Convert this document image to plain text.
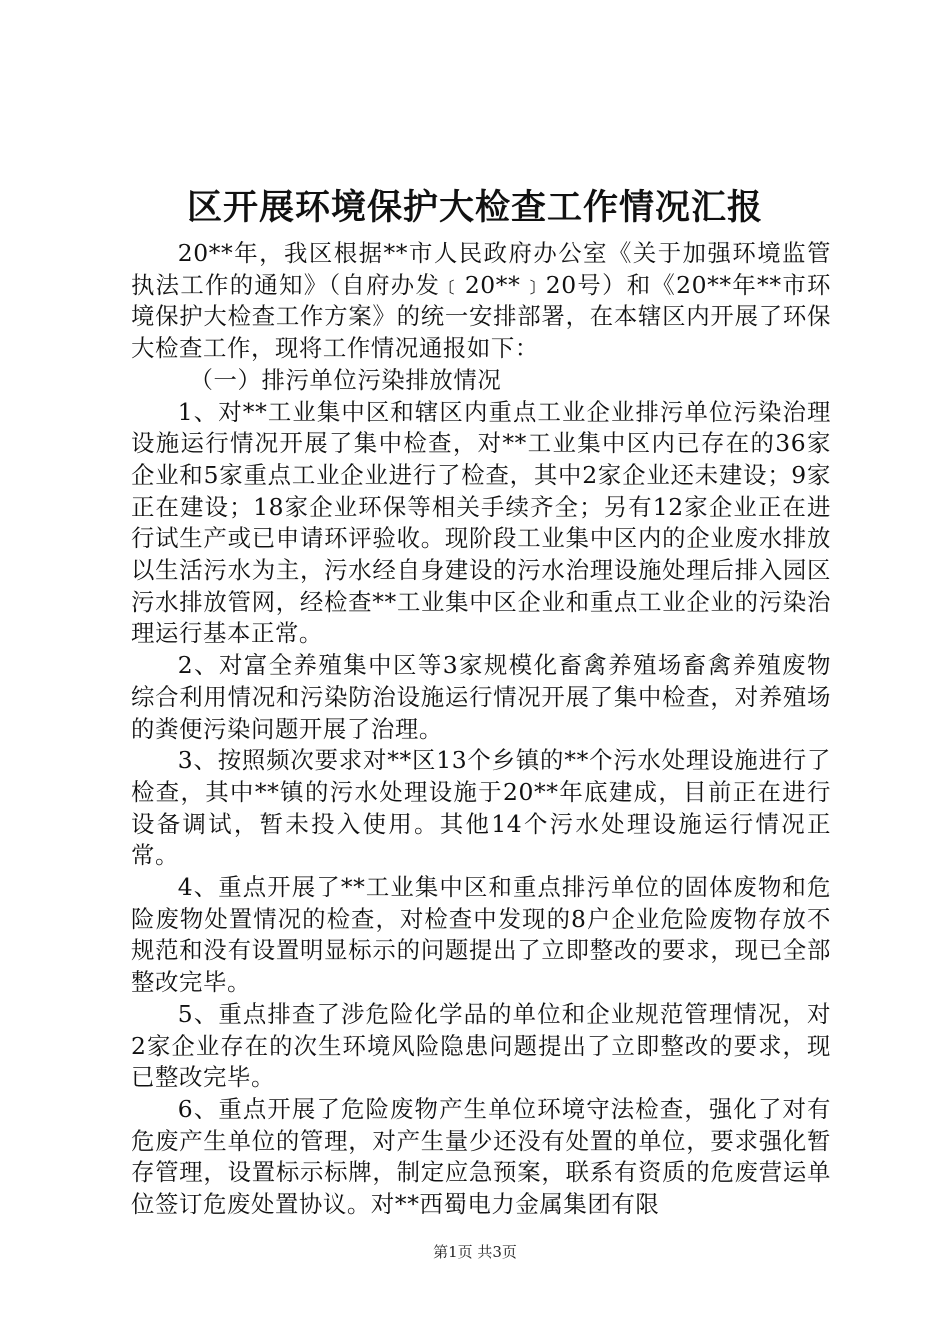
区开展环境保护大检查工作情况汇报

20**年，我区根据**市人民政府办公室《关于加强环境监管执法工作的通知》（自府办发﹝20**﹞20号）和《20**年**市环境保护大检查工作方案》的统一安排部署，在本辖区内开展了环保大检查工作，现将工作情况通报如下：

（一）排污单位污染排放情况

1、对**工业集中区和辖区内重点工业企业排污单位污染治理设施运行情况开展了集中检查，对**工业集中区内已存在的36家企业和5家重点工业企业进行了检查，其中2家企业还未建设；9家正在建设；18家企业环保等相关手续齐全；另有12家企业正在进行试生产或已申请环评验收。现阶段工业集中区内的企业废水排放以生活污水为主，污水经自身建设的污水治理设施处理后排入园区污水排放管网，经检查**工业集中区企业和重点工业企业的污染治理运行基本正常。

2、对富全养殖集中区等3家规模化畜禽养殖场畜禽养殖废物综合利用情况和污染防治设施运行情况开展了集中检查，对养殖场的粪便污染问题开展了治理。

3、按照频次要求对**区13个乡镇的**个污水处理设施进行了检查，其中**镇的污水处理设施于20**年底建成，目前正在进行设备调试，暂未投入使用。其他14个污水处理设施运行情况正常。

4、重点开展了**工业集中区和重点排污单位的固体废物和危险废物处置情况的检查，对检查中发现的8户企业危险废物存放不规范和没有设置明显标示的问题提出了立即整改的要求，现已全部整改完毕。

5、重点排查了涉危险化学品的单位和企业规范管理情况，对2家企业存在的次生环境风险隐患问题提出了立即整改的要求，现已整改完毕。

6、重点开展了危险废物产生单位环境守法检查，强化了对有危废产生单位的管理，对产生量少还没有处置的单位，要求强化暂存管理，设置标示标牌，制定应急预案，联系有资质的危废营运单位签订危废处置协议。对**西蜀电力金属集团有限

第1页 共3页
